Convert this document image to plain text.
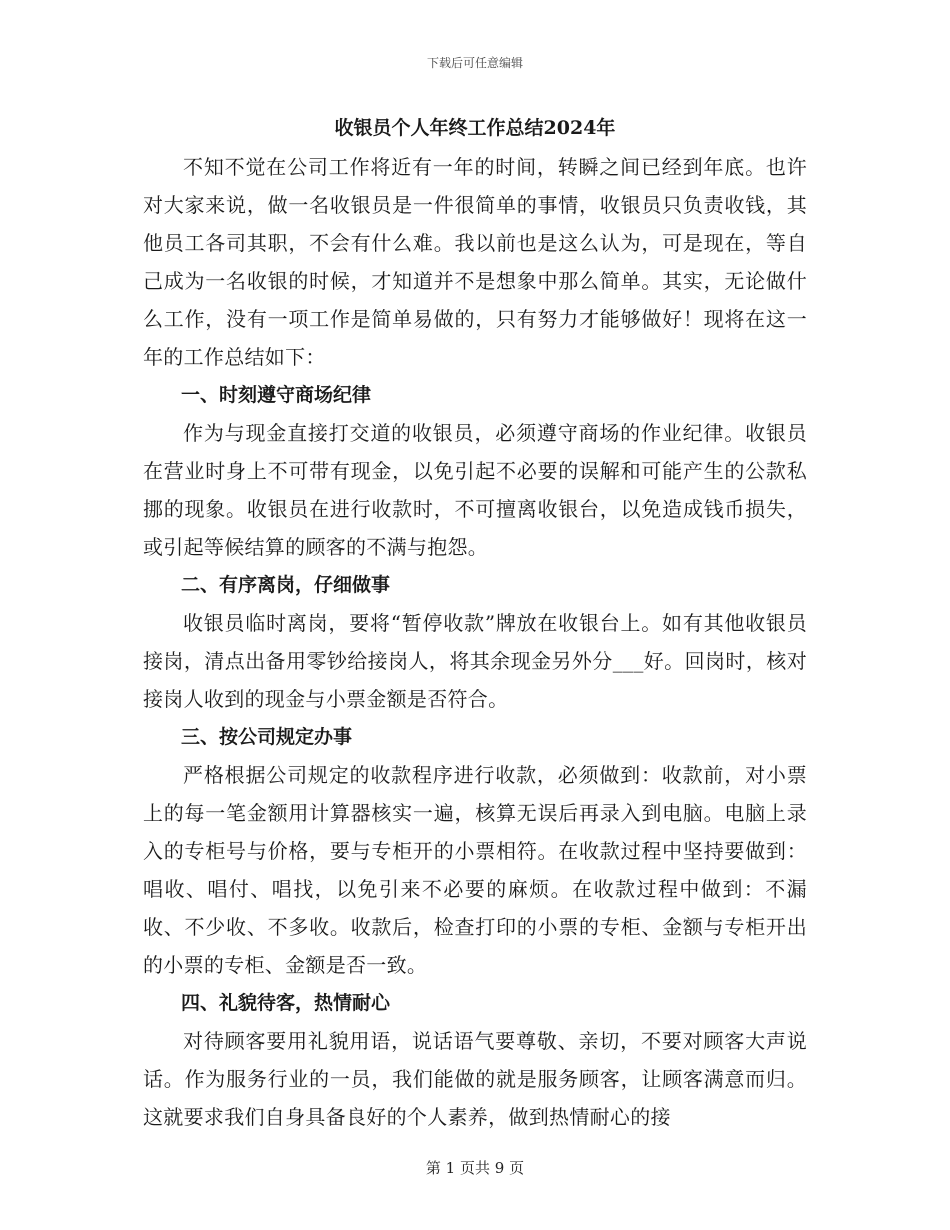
下载后可任意编辑
收银员个人年终工作总结2024年

不知不觉在公司工作将近有一年的时间，转瞬之间已经到年底。也许对大家来说，做一名收银员是一件很简单的事情，收银员只负责收钱，其他员工各司其职，不会有什么难。我以前也是这么认为，可是现在，等自己成为一名收银的时候，才知道并不是想象中那么简单。其实，无论做什么工作，没有一项工作是简单易做的，只有努力才能够做好！现将在这一年的工作总结如下：

一、时刻遵守商场纪律

作为与现金直接打交道的收银员，必须遵守商场的作业纪律。收银员在营业时身上不可带有现金，以免引起不必要的误解和可能产生的公款私挪的现象。收银员在进行收款时，不可擅离收银台，以免造成钱币损失，或引起等候结算的顾客的不满与抱怨。

二、有序离岗，仔细做事

收银员临时离岗，要将“暂停收款”牌放在收银台上。如有其他收银员接岗，清点出备用零钞给接岗人，将其余现金另外分___好。回岗时，核对接岗人收到的现金与小票金额是否符合。

三、按公司规定办事

严格根据公司规定的收款程序进行收款，必须做到：收款前，对小票上的每一笔金额用计算器核实一遍，核算无误后再录入到电脑。电脑上录入的专柜号与价格，要与专柜开的小票相符。在收款过程中坚持要做到：唱收、唱付、唱找，以免引来不必要的麻烦。在收款过程中做到：不漏收、不少收、不多收。收款后，检查打印的小票的专柜、金额与专柜开出的小票的专柜、金额是否一致。

四、礼貌待客，热情耐心

对待顾客要用礼貌用语，说话语气要尊敬、亲切，不要对顾客大声说话。作为服务行业的一员，我们能做的就是服务顾客，让顾客满意而归。这就要求我们自身具备良好的个人素养，做到热情耐心的接

第 1 页共 9 页
